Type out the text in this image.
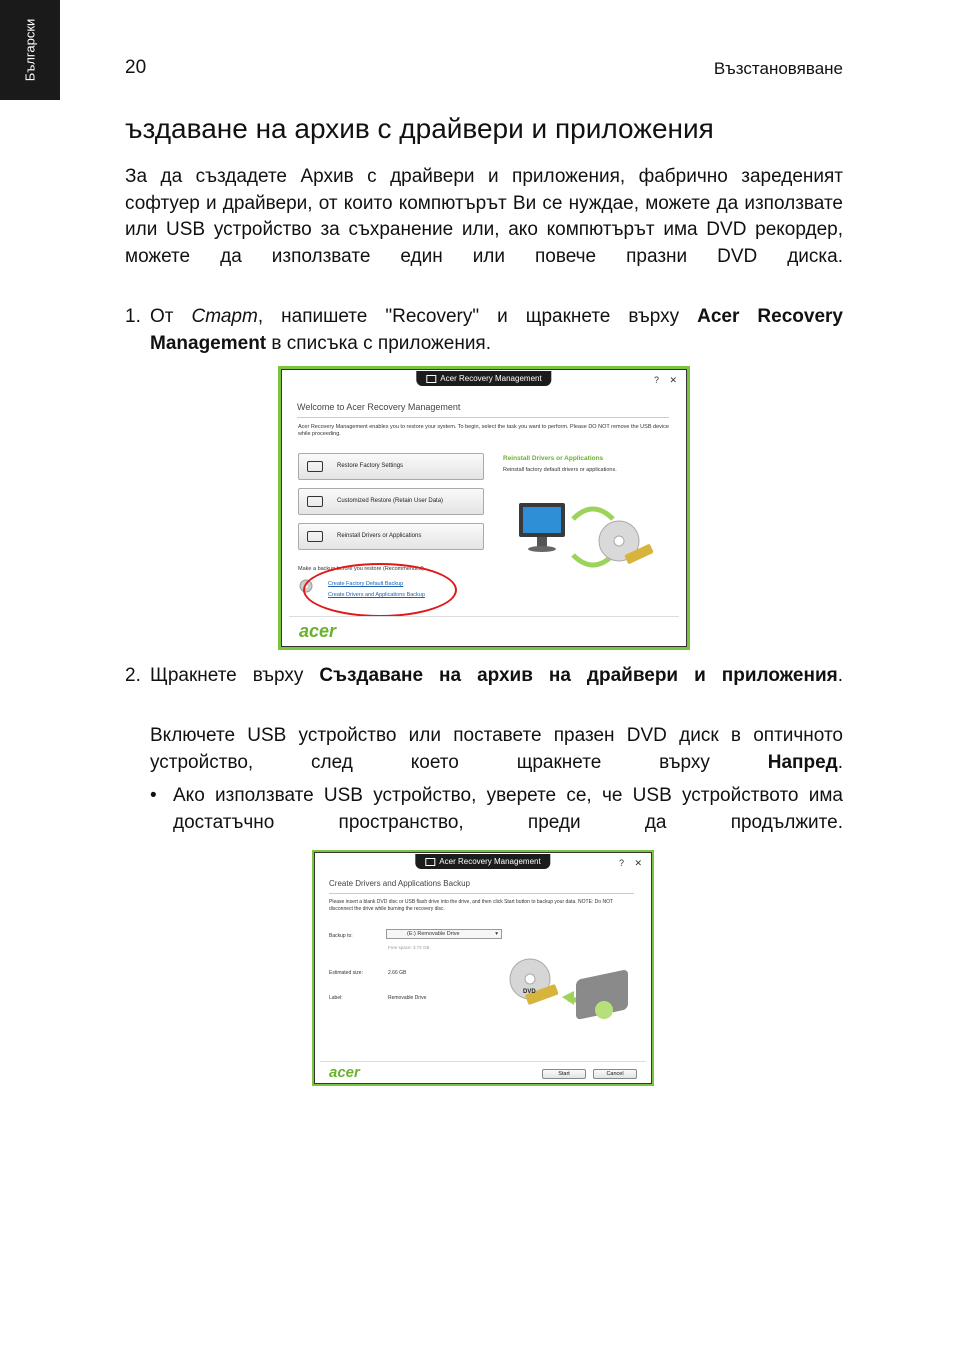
20	Възстановяване
Български
ъздаване на архив с драйвери и приложения
За да създадете Архив с драйвери и приложения, фабрично зареденият софтуер и драйвери, от които компютърът Ви се нуждае, можете да използвате или USB устройство за съхранение или, ако компютърът има DVD рекордер, можете да използвате един или повече празни DVD диска.
1. От Старт, напишете "Recovery" и щракнете върху Acer Recovery Management в списъка с приложения.
Acer Recovery Management	? ✕
Welcome to Acer Recovery Management
Acer Recovery Management enables you to restore your system. To begin, select the task you want to perform. Please DO NOT remove the USB device while proceeding.
Restore Factory Settings
Customized Restore (Retain User Data)
Reinstall Drivers or Applications
Reinstall Drivers or Applications
Reinstall factory default drivers or applications.
Make a backup before you restore (Recommended).
Create Factory Default Backup
Create Drivers and Applications Backup
acer
2. Щракнете върху Създаване на архив на драйвери и приложения.
Включете USB устройство или поставете празен DVD диск в оптичното устройство, след което щракнете върху Напред.
• Ако използвате USB устройство, уверете се, че USB устройството има достатъчно пространство, преди да продължите.
Acer Recovery Management	? ✕
Create Drivers and Applications Backup
Please insert a blank DVD disc or USB flash drive into the drive, and then click Start button to backup your data. NOTE: Do NOT disconnect the drive while burning the recovery disc.
Backup to:	(E:) Removable Drive	▾
Free space: 3.72 GB
Estimated size:	2.66 GB
Label:	Removable Drive
DVD
acer	Start	Cancel
